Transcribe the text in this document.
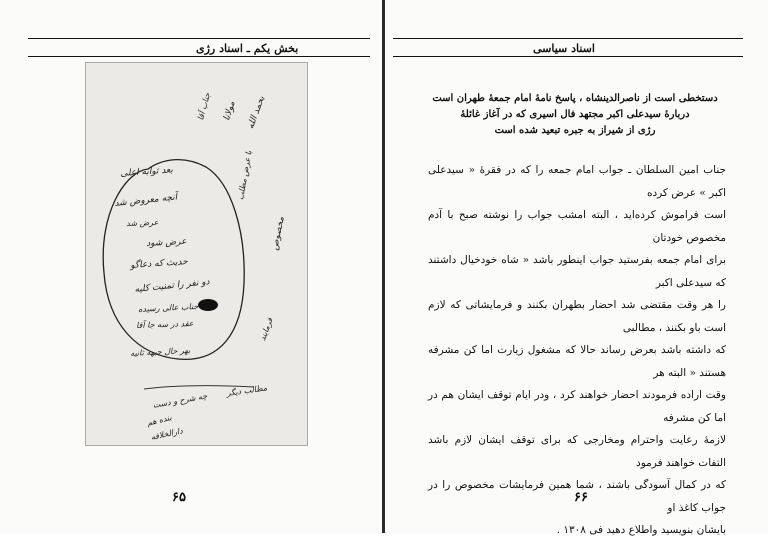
بخش یکم ـ اسناد رژی
بعد ثوابه اعلی
آنچه معروض شد
عرض شد
بحمد الله
مولانا
جناب آقا
عرض شود
حدیث که دعاگو
دو نفر را تمنیت کلیه
جناب عالی رسیده
عقد در سه جا آقا
با عرض مطلب
مخصوص
فرمایند
مطالب دیگر
بهر حال جبهه ثانیه
چه شرح و دست
بنده هم
دارالخلافه
۶۵
اسناد سیاسی
۶۶
دستخطی است از ناصرالدینشاه ، پاسخ نامهٔ امام جمعهٔ طهران است
دربارهٔ سیدعلی اکبر مجتهد فال اسیری که در آغاز غائلهٔ
رژی از شیراز به جبره تبعید شده است

جناب امین السلطان ـ جواب امام جمعه را که در فقرهٔ « سیدعلی اکبر » عرض کرده

است فراموش کرده‌اید ، البته امشب جواب را نوشته صبح با آدم مخصوص خودتان

برای امام جمعه بفرستید جواب اینطور باشد « شاه خودخیال داشتند که سیدعلی اکبر

را هر وقت مقتضی شد احضار بطهران بکنند و فرمایشاتی که لازم است باو بکنند ، مطالبی

که داشته باشد بعرض رساند حالا که مشغول زیارت اما کن مشرفه هستند « البته هر

وقت اراده فرمودند احضار خواهند کرد ، ودر ایام توقف ایشان هم در اما کن مشرفه

لازمهٔ رعایت واحترام ومخارجی که برای توقف ایشان لازم باشد التفات خواهند فرمود

که در کمال آسودگی باشند ، شما همین فرمایشات مخصوص را در جواب کاغذ او

بایشان بنویسید واطلاع دهید فی ۱۳۰۸ .
